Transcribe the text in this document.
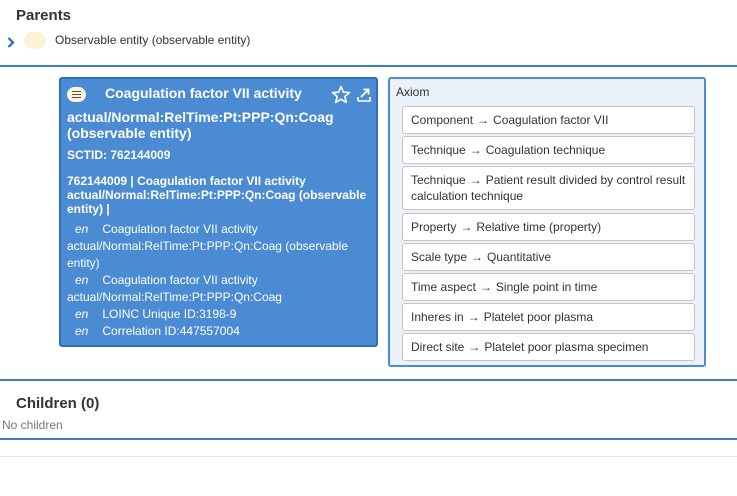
Parents
Observable entity (observable entity)
Coagulation factor VII activity
actual/Normal:RelTime:Pt:PPP:Qn:Coag (observable entity)
SCTID: 762144009
762144009 | Coagulation factor VII activity actual/Normal:RelTime:Pt:PPP:Qn:Coag (observable entity) |
en Coagulation factor VII activity actual/Normal:RelTime:Pt:PPP:Qn:Coag (observable entity)
en Coagulation factor VII activity actual/Normal:RelTime:Pt:PPP:Qn:Coag
en LOINC Unique ID:3198-9
en Correlation ID:447557004
Axiom
Component → Coagulation factor VII
Technique → Coagulation technique
Technique → Patient result divided by control result calculation technique
Property → Relative time (property)
Scale type → Quantitative
Time aspect → Single point in time
Inheres in → Platelet poor plasma
Direct site → Platelet poor plasma specimen
Children (0)
No children
